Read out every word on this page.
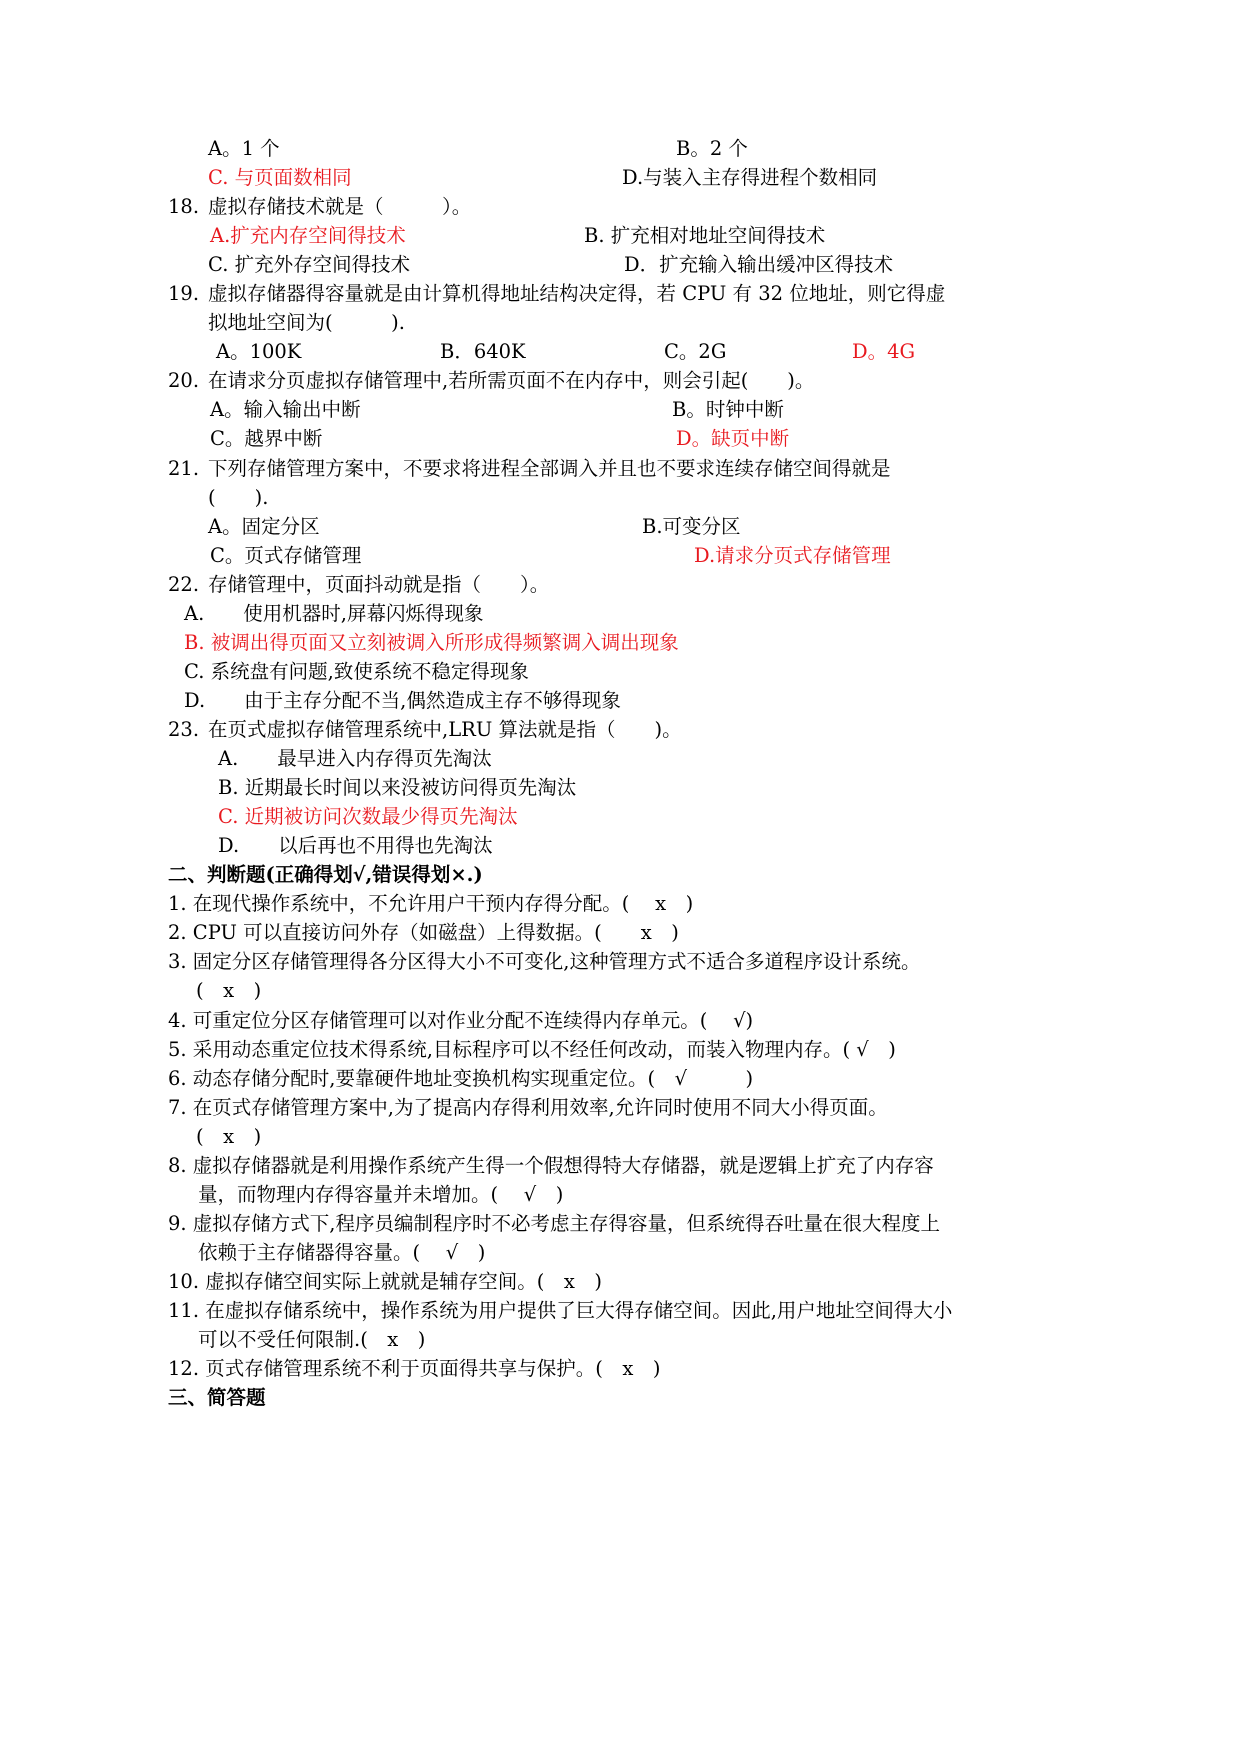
A。1 个	B。2 个
C. 与页面数相同	D.与装入主存得进程个数相同
18. 虚拟存储技术就是（　　　）。
A.扩充内存空间得技术	B. 扩充相对地址空间得技术
C. 扩充外存空间得技术	D．扩充输入输出缓冲区得技术
19. 虚拟存储器得容量就是由计算机得地址结构决定得，若 CPU 有 32 位地址，则它得虚
拟地址空间为(　　　).
A。100K	B．640K	C。2G	D。4G
20. 在请求分页虚拟存储管理中,若所需页面不在内存中，则会引起(　　)。
A。输入输出中断	B。时钟中断
C。越界中断	D。缺页中断
21. 下列存储管理方案中，不要求将进程全部调入并且也不要求连续存储空间得就是
(　　).
A。固定分区	B.可变分区
C。页式存储管理	D.请求分页式存储管理
22. 存储管理中，页面抖动就是指（　　）。
A.　　使用机器时,屏幕闪烁得现象
B. 被调出得页面又立刻被调入所形成得频繁调入调出现象
C. 系统盘有问题,致使系统不稳定得现象
D.　　由于主存分配不当,偶然造成主存不够得现象
23. 在页式虚拟存储管理系统中,LRU 算法就是指（　　)。
A.　　最早进入内存得页先淘汰
B. 近期最长时间以来没被访问得页先淘汰
C. 近期被访问次数最少得页先淘汰
D.　　以后再也不用得也先淘汰
二、判断题(正确得划√,错误得划×.)
1. 在现代操作系统中，不允许用户干预内存得分配。(　 x　)
2. CPU 可以直接访问外存（如磁盘）上得数据。(　　x　)
3. 固定分区存储管理得各分区得大小不可变化,这种管理方式不适合多道程序设计系统。
(　x　)
4. 可重定位分区存储管理可以对作业分配不连续得内存单元。(　 √)
5. 采用动态重定位技术得系统,目标程序可以不经任何改动，而装入物理内存。( √　)
6. 动态存储分配时,要靠硬件地址变换机构实现重定位。(　√　　　)
7. 在页式存储管理方案中,为了提高内存得利用效率,允许同时使用不同大小得页面。
(　x　)
8. 虚拟存储器就是利用操作系统产生得一个假想得特大存储器，就是逻辑上扩充了内存容
量，而物理内存得容量并未增加。(　 √　)
9. 虚拟存储方式下,程序员编制程序时不必考虑主存得容量，但系统得吞吐量在很大程度上
依赖于主存储器得容量。(　 √　)
10. 虚拟存储空间实际上就就是辅存空间。(　x　)
11. 在虚拟存储系统中，操作系统为用户提供了巨大得存储空间。因此,用户地址空间得大小
可以不受任何限制.(　x　)
12. 页式存储管理系统不利于页面得共享与保护。(　x　)
三、简答题
